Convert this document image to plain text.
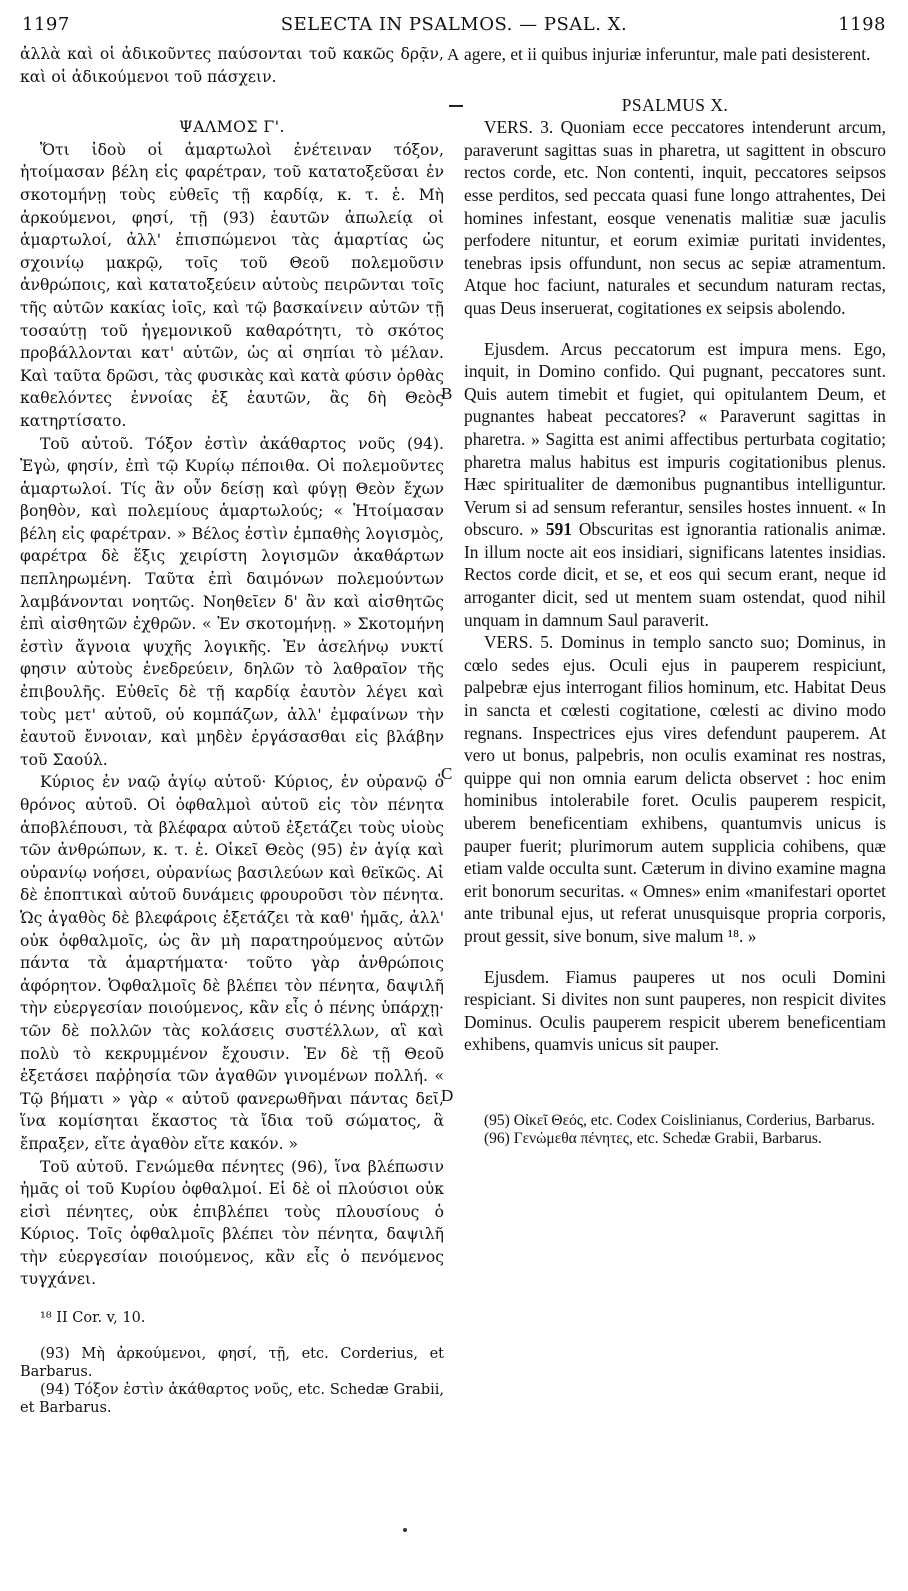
1197	SELECTA IN PSALMOS. — PSAL. X.	1198
A
B
C
D

ἀλλὰ καὶ οἱ ἀδικοῦντες παύσονται τοῦ κακῶς δρᾷν, καὶ οἱ ἀδικούμενοι τοῦ πάσχειν.

ΨΑΛΜΟΣ Γ'.

Ὅτι ἰδοὺ οἱ ἁμαρτωλοὶ ἐνέτειναν τόξον, ἡτοίμασαν βέλη εἰς φαρέτραν, τοῦ κατατοξεῦσαι ἐν σκοτομήνῃ τοὺς εὐθεῖς τῇ καρδίᾳ, κ. τ. ἑ. Μὴ ἀρκούμενοι, φησί, τῇ (93) ἑαυτῶν ἀπωλείᾳ οἱ ἁμαρτωλοί, ἀλλ' ἐπισπώμενοι τὰς ἁμαρτίας ὡς σχοινίῳ μακρῷ, τοῖς τοῦ Θεοῦ πολεμοῦσιν ἀνθρώποις, καὶ κατατοξεύειν αὐτοὺς πειρῶνται τοῖς τῆς αὐτῶν κακίας ἰοῖς, καὶ τῷ βασκαίνειν αὐτῶν τῇ τοσαύτῃ τοῦ ἡγεμονικοῦ καθαρότητι, τὸ σκότος προβάλλονται κατ' αὐτῶν, ὡς αἱ σηπίαι τὸ μέλαν. Καὶ ταῦτα δρῶσι, τὰς φυσικὰς καὶ κατὰ φύσιν ὀρθὰς καθελόντες ἐννοίας ἐξ ἑαυτῶν, ἃς δὴ Θεὸς κατηρτίσατο.

Τοῦ αὐτοῦ. Τόξον ἐστὶν ἀκάθαρτος νοῦς (94). Ἐγὼ, φησίν, ἐπὶ τῷ Κυρίῳ πέποιθα. Οἱ πολεμοῦντες ἁμαρτωλοί. Τίς ἂν οὖν δείσῃ καὶ φύγῃ Θεὸν ἔχων βοηθὸν, καὶ πολεμίους ἁμαρτωλούς; « Ἡτοίμασαν βέλη εἰς φαρέτραν. » Βέλος ἐστὶν ἐμπαθὴς λογισμὸς, φαρέτρα δὲ ἕξις χειρίστη λογισμῶν ἀκαθάρτων πεπληρωμένη. Ταῦτα ἐπὶ δαιμόνων πολεμούντων λαμβάνονται νοητῶς. Νοηθεῖεν δ' ἂν καὶ αἰσθητῶς ἐπὶ αἰσθητῶν ἐχθρῶν. « Ἐν σκοτομήνῃ. » Σκοτομήνη ἐστὶν ἄγνοια ψυχῆς λογικῆς. Ἐν ἀσελήνῳ νυκτί φησιν αὐτοὺς ἐνεδρεύειν, δηλῶν τὸ λαθραῖον τῆς ἐπιβουλῆς. Εὐθεῖς δὲ τῇ καρδίᾳ ἑαυτὸν λέγει καὶ τοὺς μετ' αὐτοῦ, οὐ κομπάζων, ἀλλ' ἐμφαίνων τὴν ἑαυτοῦ ἔννοιαν, καὶ μηδὲν ἐργάσασθαι εἰς βλάβην τοῦ Σαούλ.

Κύριος ἐν ναῷ ἁγίῳ αὐτοῦ· Κύριος, ἐν οὐρανῷ ὁ θρόνος αὐτοῦ. Οἱ ὀφθαλμοὶ αὐτοῦ εἰς τὸν πένητα ἀποβλέπουσι, τὰ βλέφαρα αὐτοῦ ἐξετάζει τοὺς υἱοὺς τῶν ἀνθρώπων, κ. τ. ἑ. Οἰκεῖ Θεὸς (95) ἐν ἁγίᾳ καὶ οὐρανίῳ νοήσει, οὐρανίως βασιλεύων καὶ θεϊκῶς. Αἱ δὲ ἐποπτικαὶ αὐτοῦ δυνάμεις φρουροῦσι τὸν πένητα. Ὡς ἀγαθὸς δὲ βλεφάροις ἐξετάζει τὰ καθ' ἡμᾶς, ἀλλ' οὐκ ὀφθαλμοῖς, ὡς ἂν μὴ παρατηρούμενος αὐτῶν πάντα τὰ ἁμαρτήματα· τοῦτο γὰρ ἀνθρώποις ἀφόρητον. Ὀφθαλμοῖς δὲ βλέπει τὸν πένητα, δαψιλῆ τὴν εὐεργεσίαν ποιούμενος, κἂν εἷς ὁ πένης ὑπάρχῃ· τῶν δὲ πολλῶν τὰς κολάσεις συστέλλων, αἳ καὶ πολὺ τὸ κεκρυμμένον ἔχουσιν. Ἐν δὲ τῇ Θεοῦ ἐξετάσει παῤῥησία τῶν ἀγαθῶν γινομένων πολλή. « Τῷ βήματι » γὰρ « αὐτοῦ φανερωθῆναι πάντας δεῖ, ἵνα κομίσηται ἕκαστος τὰ ἴδια τοῦ σώματος, ἃ ἔπραξεν, εἴτε ἀγαθὸν εἴτε κακόν. »

Τοῦ αὐτοῦ. Γενώμεθα πένητες (96), ἵνα βλέπωσιν ἡμᾶς οἱ τοῦ Κυρίου ὀφθαλμοί. Εἰ δὲ οἱ πλούσιοι οὐκ εἰσὶ πένητες, οὐκ ἐπιβλέπει τοὺς πλουσίους ὁ Κύριος. Τοῖς ὀφθαλμοῖς βλέπει τὸν πένητα, δαψιλῆ τὴν εὐεργεσίαν ποιούμενος, κἂν εἷς ὁ πενόμενος τυγχάνει.

¹⁸ II Cor. v, 10.

(93) Μὴ ἀρκούμενοι, φησί, τῇ, etc. Corderius, et Barbarus.

(94) Τόξον ἐστὶν ἀκάθαρτος νοῦς, etc. Schedæ Grabii, et Barbarus.

agere, et ii quibus injuriæ inferuntur, male pati desisterent.

PSALMUS X.

VERS. 3. Quoniam ecce peccatores intenderunt arcum, paraverunt sagittas suas in pharetra, ut sagittent in obscuro rectos corde, etc. Non contenti, inquit, peccatores seipsos esse perditos, sed peccata quasi fune longo attrahentes, Dei homines infestant, eosque venenatis malitiæ suæ jaculis perfodere nituntur, et eorum eximiæ puritati invidentes, tenebras ipsis offundunt, non secus ac sepiæ atramentum. Atque hoc faciunt, naturales et secundum naturam rectas, quas Deus inseruerat, cogitationes ex seipsis abolendo.

Ejusdem. Arcus peccatorum est impura mens. Ego, inquit, in Domino confido. Qui pugnant, peccatores sunt. Quis autem timebit et fugiet, qui opitulantem Deum, et pugnantes habeat peccatores? « Paraverunt sagittas in pharetra. » Sagitta est animi affectibus perturbata cogitatio; pharetra malus habitus est impuris cogitationibus plenus. Hæc spiritualiter de dæmonibus pugnantibus intelliguntur. Verum si ad sensum referantur, sensiles hostes innuent. « In obscuro. » 591 Obscuritas est ignorantia rationalis animæ. In illum nocte ait eos insidiari, significans latentes insidias. Rectos corde dicit, et se, et eos qui secum erant, neque id arroganter dicit, sed ut mentem suam ostendat, quod nihil unquam in damnum Saul paraverit.

VERS. 5. Dominus in templo sancto suo; Dominus, in cœlo sedes ejus. Oculi ejus in pauperem respiciunt, palpebræ ejus interrogant filios hominum, etc. Habitat Deus in sancta et cœlesti cogitatione, cœlesti ac divino modo regnans. Inspectrices ejus vires defendunt pauperem. At vero ut bonus, palpebris, non oculis examinat res nostras, quippe qui non omnia earum delicta observet : hoc enim hominibus intolerabile foret. Oculis pauperem respicit, uberem beneficentiam exhibens, quantumvis unicus is pauper fuerit; plurimorum autem supplicia cohibens, quæ etiam valde occulta sunt. Cæterum in divino examine magna erit bonorum securitas. « Omnes» enim «manifestari oportet ante tribunal ejus, ut referat unusquisque propria corporis, prout gessit, sive bonum, sive malum ¹⁸. »

Ejusdem. Fiamus pauperes ut nos oculi Domini respiciant. Si divites non sunt pauperes, non respicit divites Dominus. Oculis pauperem respicit uberem beneficentiam exhibens, quamvis unicus sit pauper.

(95) Οἰκεῖ Θεός, etc. Codex Coislinianus, Corderius, Barbarus.

(96) Γενώμεθα πένητες, etc. Schedæ Grabii, Barbarus.
